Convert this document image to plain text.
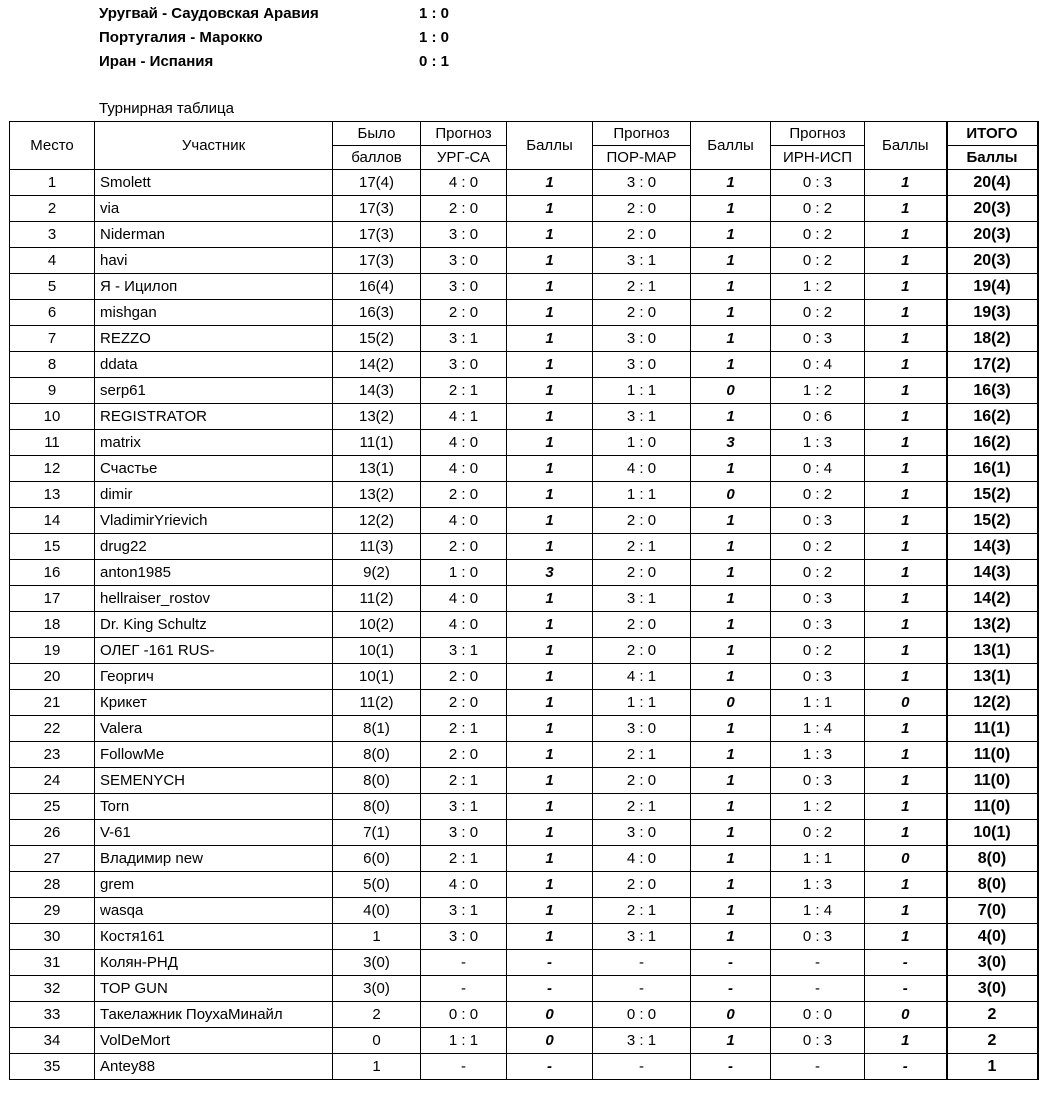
Уругвай - Саудовская Аравия	1 : 0
Португалия - Марокко	1 : 0
Иран - Испания	0 : 1
Турнирная таблица
Место	Участник	Было	Прогноз	Баллы	Прогноз	Баллы	Прогноз	Баллы	ИТОГО
		баллов	УРГ-СА		ПОР-МАР		ИРН-ИСП		Баллы
1	Smolett	17(4)	4 : 0	1	3 : 0	1	0 : 3	1	20(4)
2	via	17(3)	2 : 0	1	2 : 0	1	0 : 2	1	20(3)
3	Niderman	17(3)	3 : 0	1	2 : 0	1	0 : 2	1	20(3)
4	havi	17(3)	3 : 0	1	3 : 1	1	0 : 2	1	20(3)
5	Я - Ицилоп	16(4)	3 : 0	1	2 : 1	1	1 : 2	1	19(4)
6	mishgan	16(3)	2 : 0	1	2 : 0	1	0 : 2	1	19(3)
7	REZZO	15(2)	3 : 1	1	3 : 0	1	0 : 3	1	18(2)
8	ddata	14(2)	3 : 0	1	3 : 0	1	0 : 4	1	17(2)
9	serp61	14(3)	2 : 1	1	1 : 1	0	1 : 2	1	16(3)
10	REGISTRATOR	13(2)	4 : 1	1	3 : 1	1	0 : 6	1	16(2)
11	matrix	11(1)	4 : 0	1	1 : 0	3	1 : 3	1	16(2)
12	Счастье	13(1)	4 : 0	1	4 : 0	1	0 : 4	1	16(1)
13	dimir	13(2)	2 : 0	1	1 : 1	0	0 : 2	1	15(2)
14	VladimirYrievich	12(2)	4 : 0	1	2 : 0	1	0 : 3	1	15(2)
15	drug22	11(3)	2 : 0	1	2 : 1	1	0 : 2	1	14(3)
16	anton1985	9(2)	1 : 0	3	2 : 0	1	0 : 2	1	14(3)
17	hellraiser_rostov	11(2)	4 : 0	1	3 : 1	1	0 : 3	1	14(2)
18	Dr. King Schultz	10(2)	4 : 0	1	2 : 0	1	0 : 3	1	13(2)
19	ОЛЕГ -161 RUS-	10(1)	3 : 1	1	2 : 0	1	0 : 2	1	13(1)
20	Георгич	10(1)	2 : 0	1	4 : 1	1	0 : 3	1	13(1)
21	Крикет	11(2)	2 : 0	1	1 : 1	0	1 : 1	0	12(2)
22	Valera	8(1)	2 : 1	1	3 : 0	1	1 : 4	1	11(1)
23	FollowMe	8(0)	2 : 0	1	2 : 1	1	1 : 3	1	11(0)
24	SEMENYCH	8(0)	2 : 1	1	2 : 0	1	0 : 3	1	11(0)
25	Torn	8(0)	3 : 1	1	2 : 1	1	1 : 2	1	11(0)
26	V-61	7(1)	3 : 0	1	3 : 0	1	0 : 2	1	10(1)
27	Владимир new	6(0)	2 : 1	1	4 : 0	1	1 : 1	0	8(0)
28	grem	5(0)	4 : 0	1	2 : 0	1	1 : 3	1	8(0)
29	wasqa	4(0)	3 : 1	1	2 : 1	1	1 : 4	1	7(0)
30	Костя161	1	3 : 0	1	3 : 1	1	0 : 3	1	4(0)
31	Колян-РНД	3(0)	-	-	-	-	-	-	3(0)
32	TOP GUN	3(0)	-	-	-	-	-	-	3(0)
33	Такелажник ПоухаМинайл	2	0 : 0	0	0 : 0	0	0 : 0	0	2
34	VolDeMort	0	1 : 1	0	3 : 1	1	0 : 3	1	2
35	Antey88	1	-	-	-	-	-	-	1
